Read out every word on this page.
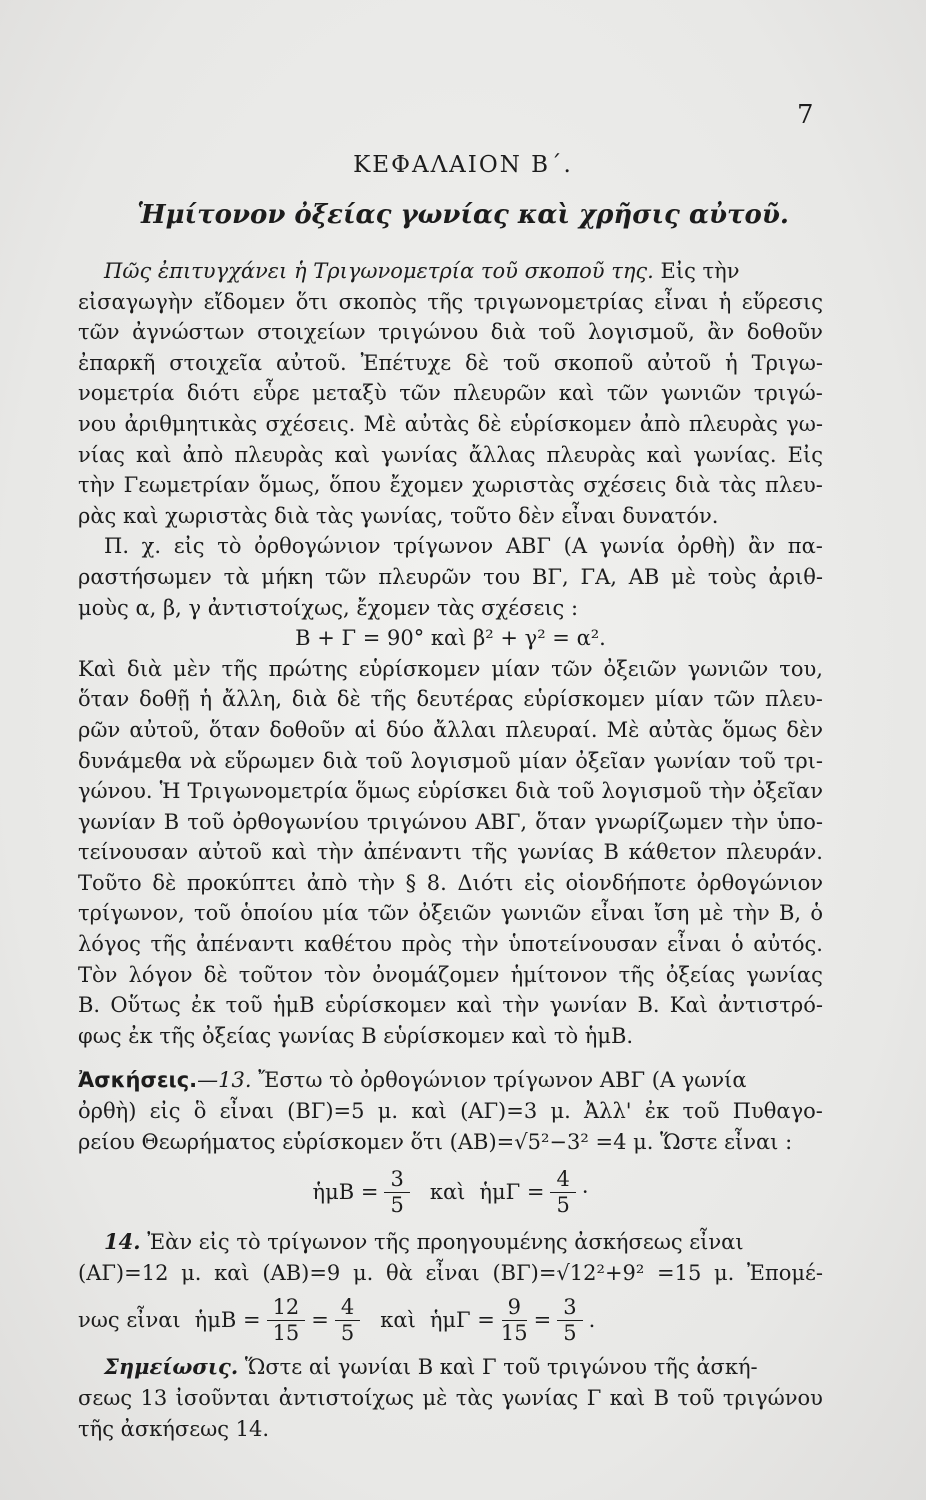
7
ΚΕΦΑΛΑΙΟΝ Β΄.
Ἡμίτονον ὀξείας γωνίας καὶ χρῆσις αὐτοῦ.
Πῶς ἐπιτυγχάνει ἡ Τριγωνομετρία τοῦ σκοποῦ της. Εἰς τὴν
εἰσαγωγὴν εἴδομεν ὅτι σκοπὸς τῆς τριγωνομετρίας εἶναι ἡ εὕρεσις
τῶν ἀγνώστων στοιχείων τριγώνου διὰ τοῦ λογισμοῦ, ἂν δοθοῦν
ἐπαρκῆ στοιχεῖα αὐτοῦ. Ἐπέτυχε δὲ τοῦ σκοποῦ αὐτοῦ ἡ Τριγω-
νομετρία διότι εὗρε μεταξὺ τῶν πλευρῶν καὶ τῶν γωνιῶν τριγώ-
νου ἀριθμητικὰς σχέσεις. Μὲ αὐτὰς δὲ εὑρίσκομεν ἀπὸ πλευρὰς γω-
νίας καὶ ἀπὸ πλευρὰς καὶ γωνίας ἄλλας πλευρὰς καὶ γωνίας. Εἰς
τὴν Γεωμετρίαν ὅμως, ὅπου ἔχομεν χωριστὰς σχέσεις διὰ τὰς πλευ-
ρὰς καὶ χωριστὰς διὰ τὰς γωνίας, τοῦτο δὲν εἶναι δυνατόν.
Π. χ. εἰς τὸ ὀρθογώνιον τρίγωνον ΑΒΓ (Α γωνία ὀρθὴ) ἂν πα-
ραστήσωμεν τὰ μήκη τῶν πλευρῶν του ΒΓ, ΓΑ, ΑΒ μὲ τοὺς ἀριθ-
μοὺς α, β, γ ἀντιστοίχως, ἔχομεν τὰς σχέσεις :
Β + Γ = 90° καὶ β² + γ² = α².
Καὶ διὰ μὲν τῆς πρώτης εὑρίσκομεν μίαν τῶν ὀξειῶν γωνιῶν του,
ὅταν δοθῇ ἡ ἄλλη, διὰ δὲ τῆς δευτέρας εὑρίσκομεν μίαν τῶν πλευ-
ρῶν αὐτοῦ, ὅταν δοθοῦν αἱ δύο ἄλλαι πλευραί. Μὲ αὐτὰς ὅμως δὲν
δυνάμεθα νὰ εὕρωμεν διὰ τοῦ λογισμοῦ μίαν ὀξεῖαν γωνίαν τοῦ τρι-
γώνου. Ἡ Τριγωνομετρία ὅμως εὑρίσκει διὰ τοῦ λογισμοῦ τὴν ὀξεῖαν
γωνίαν Β τοῦ ὀρθογωνίου τριγώνου ΑΒΓ, ὅταν γνωρίζωμεν τὴν ὑπο-
τείνουσαν αὐτοῦ καὶ τὴν ἀπέναντι τῆς γωνίας Β κάθετον πλευράν.
Τοῦτο δὲ προκύπτει ἀπὸ τὴν § 8. Διότι εἰς οἱονδήποτε ὀρθογώνιον
τρίγωνον, τοῦ ὁποίου μία τῶν ὀξειῶν γωνιῶν εἶναι ἴση μὲ τὴν Β, ὁ
λόγος τῆς ἀπέναντι καθέτου πρὸς τὴν ὑποτείνουσαν εἶναι ὁ αὐτός.
Τὸν λόγον δὲ τοῦτον τὸν ὀνομάζομεν ἡμίτονον τῆς ὀξείας γωνίας
Β. Οὕτως ἐκ τοῦ ἡμΒ εὑρίσκομεν καὶ τὴν γωνίαν Β. Καὶ ἀντιστρό-
φως ἐκ τῆς ὀξείας γωνίας Β εὑρίσκομεν καὶ τὸ ἡμΒ.
Ἀσκήσεις.—13. Ἔστω τὸ ὀρθογώνιον τρίγωνον ΑΒΓ (Α γωνία
ὀρθὴ) εἰς ὃ εἶναι (ΒΓ)=5 μ. καὶ (ΑΓ)=3 μ. Ἀλλ' ἐκ τοῦ Πυθαγο-
ρείου Θεωρήματος εὑρίσκομεν ὅτι (ΑΒ)=√5²−3² =4 μ. Ὥστε εἶναι :
ἡμΒ = $\frac{3}{5}$ καὶ ἡμΓ = $\frac{4}{5}$ ·
14. Ἐὰν εἰς τὸ τρίγωνον τῆς προηγουμένης ἀσκήσεως εἶναι
(ΑΓ)=12 μ. καὶ (ΑΒ)=9 μ. θὰ εἶναι (ΒΓ)=√12²+9² =15 μ. Ἐπομέ-
νως εἶναι ἡμΒ = $\frac{12}{15} = \frac{4}{5}$ καὶ ἡμΓ = $\frac{9}{15} = \frac{3}{5}$ .
Σημείωσις. Ὥστε αἱ γωνίαι Β καὶ Γ τοῦ τριγώνου τῆς ἀσκή-
σεως 13 ἰσοῦνται ἀντιστοίχως μὲ τὰς γωνίας Γ καὶ Β τοῦ τριγώνου
τῆς ἀσκήσεως 14.
